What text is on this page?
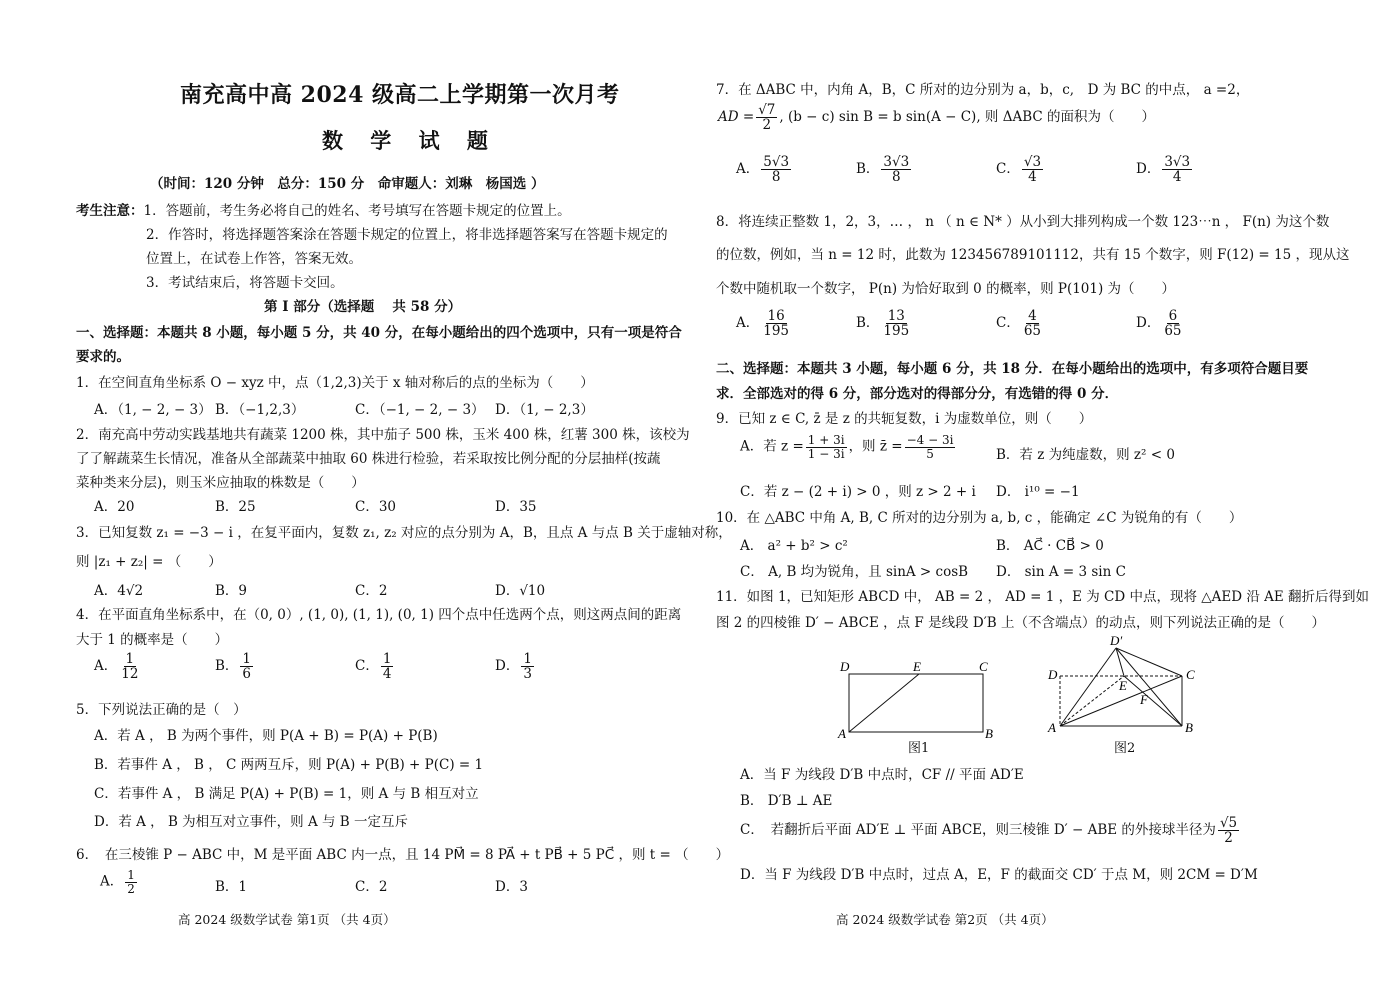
南充高中高 2024 级高二上学期第一次月考
数 学 试 题
（时间：120 分钟　总分：150 分　命审题人：刘琳　杨国选 ）
考生注意：1．答题前，考生务必将自己的姓名、考号填写在答题卡规定的位置上。
2．作答时，将选择题答案涂在答题卡规定的位置上，将非选择题答案写在答题卡规定的
位置上，在试卷上作答，答案无效。
3．考试结束后，将答题卡交回。
第 I 部分（选择题　 共 58 分）
一、选择题：本题共 8 小题，每小题 5 分，共 40 分，在每小题给出的四个选项中，只有一项是符合
要求的。
1．在空间直角坐标系 O − xyz 中，点（1,2,3)关于 x 轴对称后的点的坐标为（　　）
A．（1, − 2, − 3） B．（−1,2,3）	C．（−1, − 2, − 3） D．（1, − 2,3）
2．南充高中劳动实践基地共有蔬菜 1200 株，其中茄子 500 株，玉米 400 株，红薯 300 株，该校为
了了解蔬菜生长情况，准备从全部蔬菜中抽取 60 株进行检验，若采取按比例分配的分层抽样(按蔬
菜种类来分层)，则玉米应抽取的株数是（　　）
A．20	B．25	C．30	D．35
3．已知复数 z₁ = −3 − i ，在复平面内，复数 z₁, z₂ 对应的点分别为 A，B，且点 A 与点 B 关于虚轴对称，
则 |z₁ + z₂| = （　　）
A．4√2	B．9	C．2	D．√10
4．在平面直角坐标系中，在（0, 0）, (1, 0), (1, 1), (0, 1) 四个点中任选两个点，则这两点间的距离
大于 1 的概率是（　　）
A． $\frac{1}{12}$	B． $\frac{1}{6}$	C． $\frac{1}{4}$	D． $\frac{1}{3}$
5．下列说法正确的是（　）
A．若 A ， B 为两个事件，则 P(A + B) = P(A) + P(B)
B．若事件 A ， B ， C 两两互斥，则 P(A) + P(B) + P(C) = 1
C．若事件 A ， B 满足 P(A) + P(B) = 1，则 A 与 B 相互对立
D．若 A ， B 为相互对立事件，则 A 与 B 一定互斥
6．　在三棱锥 P − ABC 中，M 是平面 ABC 内一点，且 14 PM⃗ = 8 PA⃗ + t PB⃗ + 5 PC⃗ ，则 t = （　　）
A． $\frac{1}{2}$	B．1	C．2	D．3
高 2024 级数学试卷 第1页 （共 4页）
7．在 ΔABC 中，内角 A，B，C 所对的边分别为 a，b，c,　D 为 BC 的中点， a =2，
AD = $\frac{√7}{2}$ , (b − c) sin B = b sin(A − C), 则 ΔABC 的面积为（　　）
A． $\frac{5√3}{8}$	B． $\frac{3√3}{8}$	C． $\frac{√3}{4}$	D． $\frac{3√3}{4}$
8．将连续正整数 1，2，3，… ， n （ n ∈ N* ）从小到大排列构成一个数 123⋯n ， F(n) 为这个数
的位数，例如，当 n = 12 时，此数为 123456789101112，共有 15 个数字，则 F(12) = 15 ，现从这
个数中随机取一个数字， P(n) 为恰好取到 0 的概率，则 P(101) 为（　　）
A． $\frac{16}{195}$	B． $\frac{13}{195}$	C． $\frac{4}{65}$	D． $\frac{6}{65}$
二、选择题：本题共 3 小题，每小题 6 分，共 18 分．在每小题给出的选项中，有多项符合题目要
求．全部选对的得 6 分，部分选对的得部分分，有选错的得 0 分．
9．已知 z ∈ C, z̄ 是 z 的共轭复数，i 为虚数单位，则（　　）
A．若 $z = \frac{1 + 3i}{1 - 3i}$ ，则 z̄ = $\frac{-4 - 3i}{5}$	B．若 z 为纯虚数，则 z² < 0
C．若 z − (2 + i) > 0 ，则 z > 2 + i D． i¹⁰ = −1
10．在 △ABC 中角 A, B, C 所对的边分别为 a, b, c ，能确定 ∠C 为锐角的有（　　）
A． a² + b² > c²	B． AC⃗ · CB⃗ > 0
C． A, B 均为锐角，且 sinA > cosB D． sin A = 3 sin C
11．如图 1，已知矩形 ABCD 中， AB = 2 ， AD = 1 ，E 为 CD 中点，现将 △AED 沿 AE 翻折后得到如
图 2 的四棱锥 D′ − ABCE ，点 F 是线段 D′B 上（不含端点）的动点，则下列说法正确的是（　　）
D	E	C
A	B
图1
D′
D
E
C
F
A	B
图2
A．当 F 为线段 D′B 中点时，CF // 平面 AD′E
B． D′B ⊥ AE
C．　若翻折后平面 AD′E ⊥ 平面 ABCE，则三棱锥 D′ − ABE 的外接球半径为 $\frac{√5}{2}$
D．当 F 为线段 D′B 中点时，过点 A，E，F 的截面交 CD′ 于点 M，则 2CM = D′M
高 2024 级数学试卷 第2页 （共 4页）
